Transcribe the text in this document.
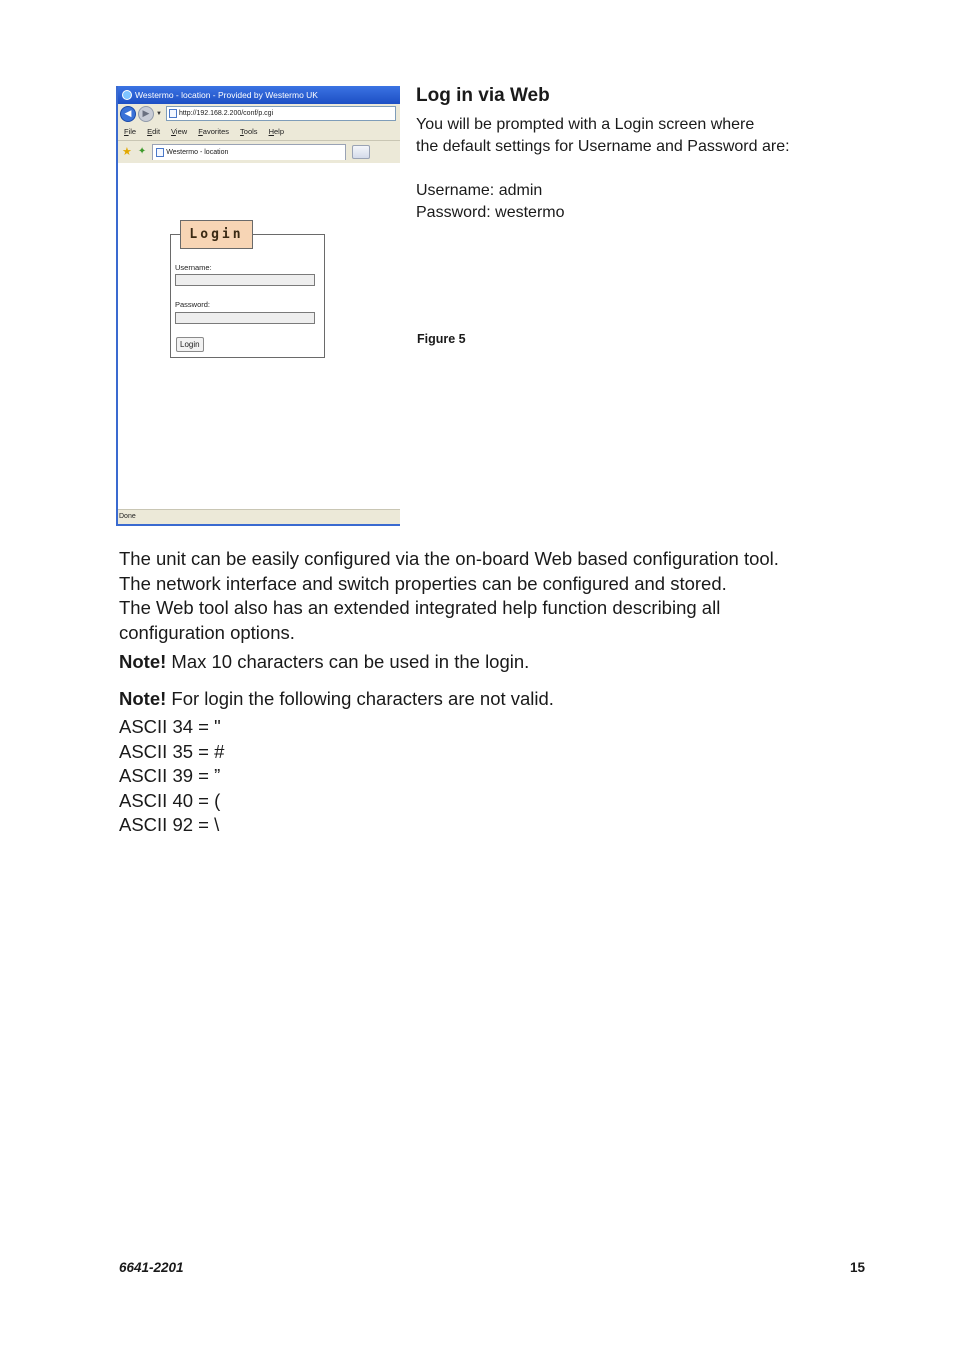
Westermo - location - Provided by Westermo UK
◀	▶	▼ http://192.168.2.200/conf/p.cgi
File Edit View Favorites Tools Help
★ ✦	Westermo - location
Login
Username:
Password:
Login
Done
Log in via Web

You will be prompted with a Login screen where

the default settings for Username and Password are:

Username: admin

Password: westermo

Figure 5

The unit can be easily configured via the on-board Web based configuration tool.

The network interface and switch properties can be configured and stored.

The Web tool also has an extended integrated help function describing all

configuration options.

Note! Max 10 characters can be used in the login.

Note! For login the following characters are not valid.

ASCII 34 = "
ASCII 35 = #
ASCII 39 = ”
ASCII 40 = (
ASCII 92 = \
6641-2201	15
